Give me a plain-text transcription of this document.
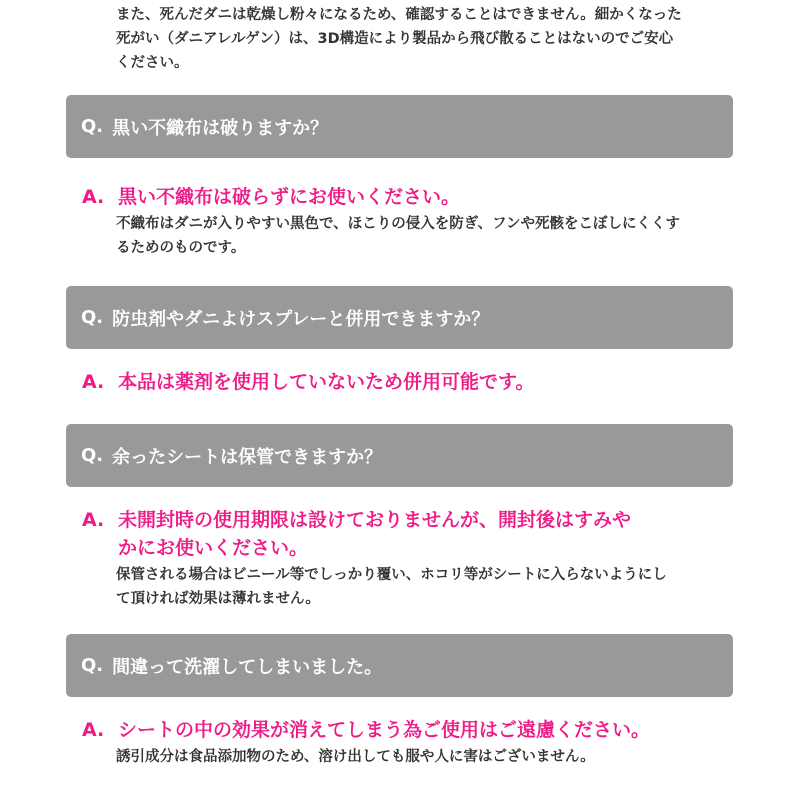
また、死んだダニは乾燥し粉々になるため、確認することはできません。細かくなった

死がい（ダニアレルゲン）は、3D構造により製品から飛び散ることはないのでご安心

ください。

Q. 黒い不織布は破りますか？
A. 黒い不織布は破らずにお使いください。

不織布はダニが入りやすい黒色で、ほこりの侵入を防ぎ、フンや死骸をこぼしにくくす

るためのものです。

Q. 防虫剤やダニよけスプレーと併用できますか？
A. 本品は薬剤を使用していないため併用可能です。

Q. 余ったシートは保管できますか？
A. 未開封時の使用期限は設けておりませんが、開封後はすみや

かにお使いください。

保管される場合はビニール等でしっかり覆い、ホコリ等がシートに入らないようにし

て頂ければ効果は薄れません。

Q. 間違って洗濯してしまいました。
A. シートの中の効果が消えてしまう為ご使用はご遠慮ください。

誘引成分は食品添加物のため、溶け出しても服や人に害はございません。
